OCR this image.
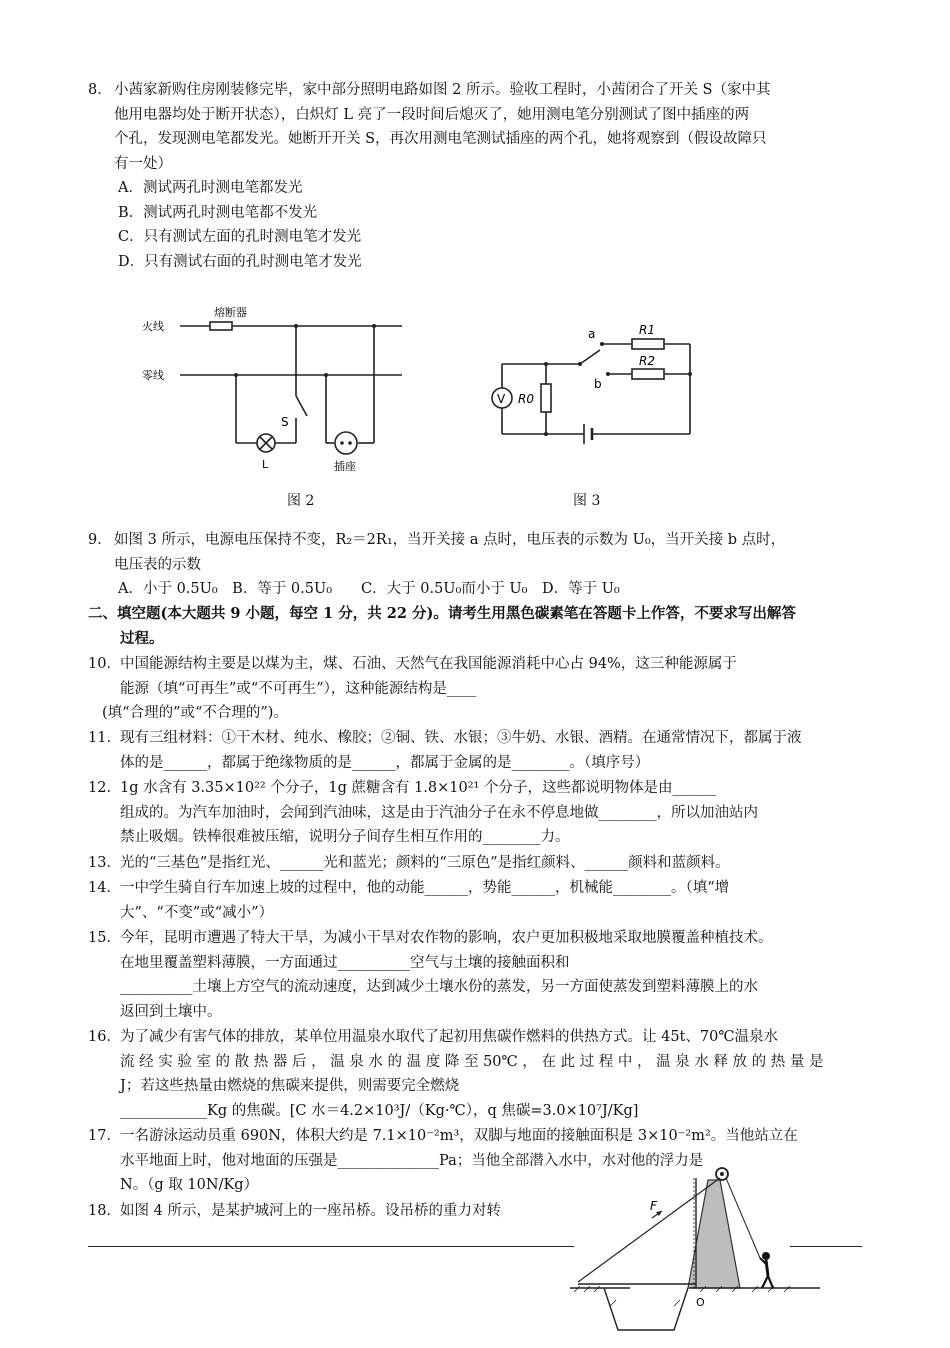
8． 小茜家新购住房刚装修完毕，家中部分照明电路如图 2 所示。验收工程时，小茜闭合了开关 S（家中其
他用电器均处于断开状态），白炽灯 L 亮了一段时间后熄灭了，她用测电笔分别测试了图中插座的两
个孔，发现测电笔都发光。她断开开关 S，再次用测电笔测试插座的两个孔，她将观察到（假设故障只
有一处）
A．测试两孔时测电笔都发光
B．测试两孔时测电笔都不发光
C．只有测试左面的孔时测电笔才发光
D．只有测试右面的孔时测电笔才发光
熔断器
火线
零线
S
L	插座
图 2
a
b
R1
R2
R0
V
图 3
9． 如图 3 所示，电源电压保持不变，R₂＝2R₁，当开关接 a 点时，电压表的示数为 U₀，当开关接 b 点时，
电压表的示数
A．小于 0.5U₀　B．等于 0.5U₀　　C．大于 0.5U₀而小于 U₀　D．等于 U₀
二、填空题(本大题共 9 小题，每空 1 分，共 22 分)。请考生用黑色碳素笔在答题卡上作答，不要求写出解答
过程。
10． 中国能源结构主要是以煤为主，煤、石油、天然气在我国能源消耗中心占 94%，这三种能源属于
能源（填“可再生”或“不可再生”），这种能源结构是____
(填“合理的”或“不合理的”)。
11． 现有三组材料：①干木材、纯水、橡胶；②铜、铁、水银；③牛奶、水银、酒精。在通常情况下，都属于液
体的是______，都属于绝缘物质的是______，都属于金属的是________。（填序号）
12． 1g 水含有 3.35×10²² 个分子，1g 蔗糖含有 1.8×10²¹ 个分子，这些都说明物体是由______
组成的。为汽车加油时，会闻到汽油味，这是由于汽油分子在永不停息地做________，所以加油站内
禁止吸烟。铁棒很难被压缩，说明分子间存生相互作用的________力。
13． 光的“三基色”是指红光、______光和蓝光；颜料的“三原色”是指红颜料、______颜料和蓝颜料。
14． 一中学生骑自行车加速上坡的过程中，他的动能______，势能______，机械能________。（填“增
大”、“不变”或“减小”）
15． 今年，昆明市遭遇了特大干旱，为减小干旱对农作物的影响，农户更加积极地采取地膜覆盖种植技术。
在地里覆盖塑料薄膜，一方面通过__________空气与土壤的接触面积和
__________土壤上方空气的流动速度，达到减少土壤水份的蒸发，另一方面使蒸发到塑料薄膜上的水
返回到土壤中。
16． 为了减少有害气体的排放，某单位用温泉水取代了起初用焦碳作燃料的供热方式。让 45t、70℃温泉水
流 经 实 验 室 的 散 热 器 后 ， 温 泉 水 的 温 度 降 至 50℃ ， 在 此 过 程 中 ， 温 泉 水 释 放 的 热 量 是
J；若这些热量由燃烧的焦碳来提供，则需要完全燃烧
____________Kg 的焦碳。[C 水＝4.2×10³J/（Kg·℃），q 焦碳=3.0×10⁷J/Kg]
17． 一名游泳运动员重 690N，体积大约是 7.1×10⁻²m³，双脚与地面的接触面积是 3×10⁻²m²。当他站立在
水平地面上时，他对地面的压强是______________Pa；当他全部潜入水中，水对他的浮力是
N。（g 取 10N/Kg）
18． 如图 4 所示，是某护城河上的一座吊桥。设吊桥的重力对转	F
O
